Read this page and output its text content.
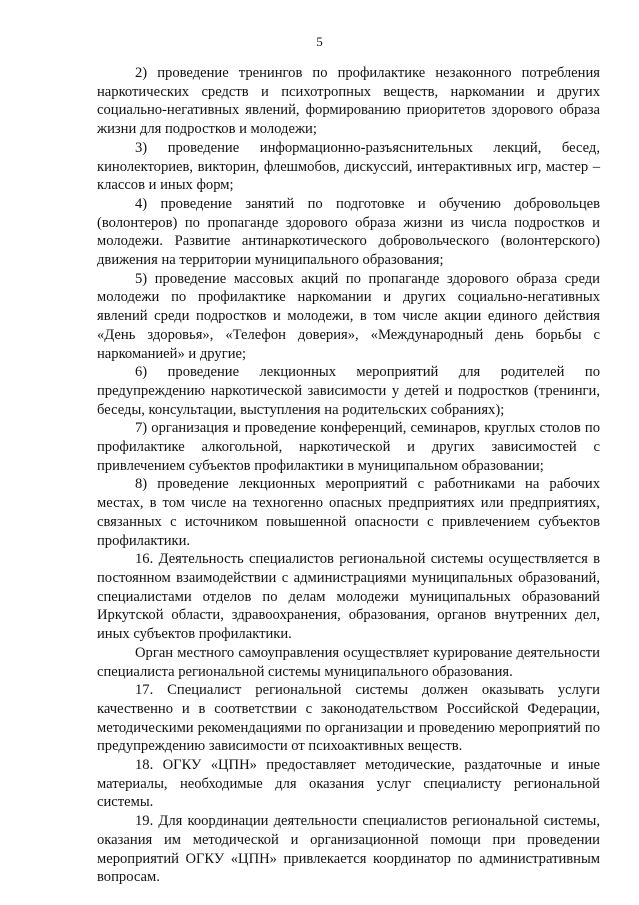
5

2) проведение тренингов по профилактике незаконного потребления наркотических средств и психотропных веществ, наркомании и других социально-негативных явлений, формированию приоритетов здорового образа жизни для подростков и молодежи;

3) проведение информационно-разъяснительных лекций, бесед, кинолекториев, викторин, флешмобов, дискуссий, интерактивных игр, мастер – классов и иных форм;

4) проведение занятий по подготовке и обучению добровольцев (волонтеров) по пропаганде здорового образа жизни из числа подростков и молодежи. Развитие антинаркотического добровольческого (волонтерского) движения на территории муниципального образования;

5) проведение массовых акций по пропаганде здорового образа среди молодежи по профилактике наркомании и других социально-негативных явлений среди подростков и молодежи, в том числе акции единого действия «День здоровья», «Телефон доверия», «Международный день борьбы с наркоманией» и другие;

6) проведение лекционных мероприятий для родителей по предупреждению наркотической зависимости у детей и подростков (тренинги, беседы, консультации, выступления на родительских собраниях);

7) организация и проведение конференций, семинаров, круглых столов по профилактике алкогольной, наркотической и других зависимостей с привлечением субъектов профилактики в муниципальном образовании;

8) проведение лекционных мероприятий с работниками на рабочих местах, в том числе на техногенно опасных предприятиях или предприятиях, связанных с источником повышенной опасности с привлечением субъектов профилактики.

16. Деятельность специалистов региональной системы осуществляется в постоянном взаимодействии с администрациями муниципальных образований, специалистами отделов по делам молодежи муниципальных образований Иркутской области, здравоохранения, образования, органов внутренних дел, иных субъектов профилактики.

Орган местного самоуправления осуществляет курирование деятельности специалиста региональной системы муниципального образования.

17. Специалист региональной системы должен оказывать услуги качественно и в соответствии с законодательством Российской Федерации, методическими рекомендациями по организации и проведению мероприятий по предупреждению зависимости от психоактивных веществ.

18. ОГКУ «ЦПН» предоставляет методические, раздаточные и иные материалы, необходимые для оказания услуг специалисту региональной системы.

19. Для координации деятельности специалистов региональной системы, оказания им методической и организационной помощи при проведении мероприятий ОГКУ «ЦПН» привлекается координатор по административным вопросам.
